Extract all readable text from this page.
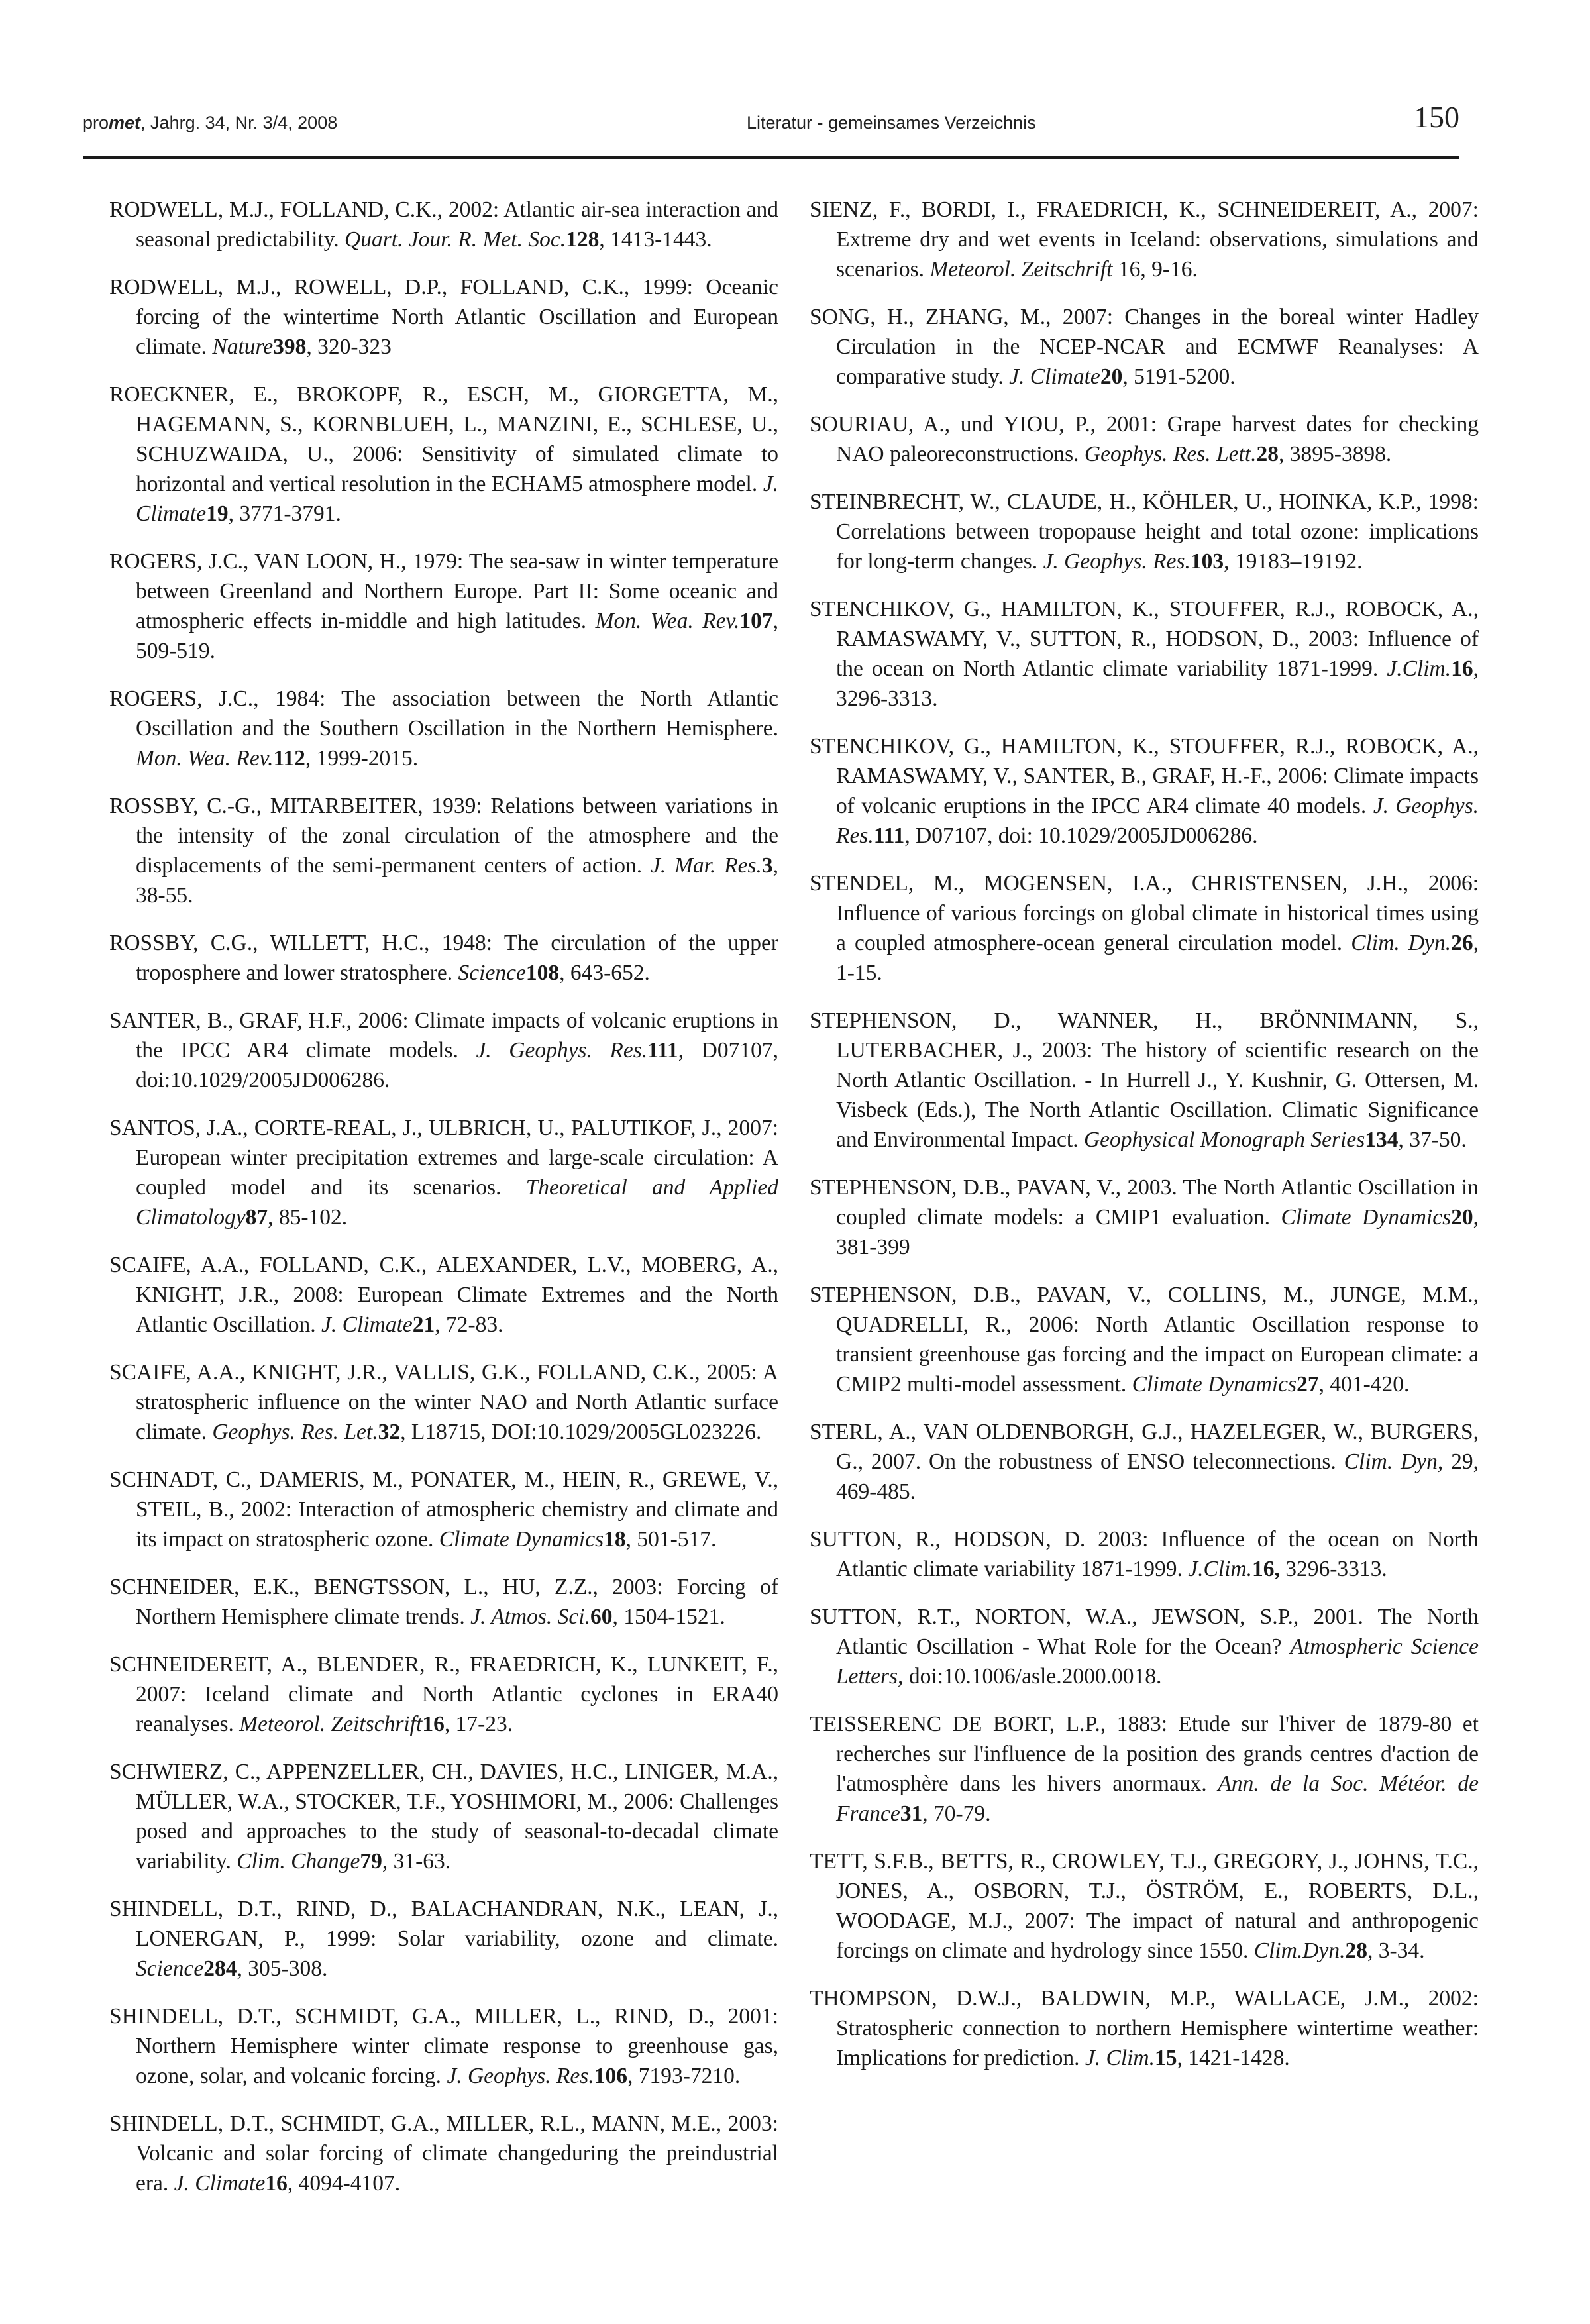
promet, Jahrg. 34, Nr. 3/4, 2008	Literatur - gemeinsames Verzeichnis	150

RODWELL, M.J., FOLLAND, C.K., 2002: Atlantic air-sea interaction and seasonal predictability. Quart. Jour. R. Met. Soc.128, 1413-1443.

RODWELL, M.J., ROWELL, D.P., FOLLAND, C.K., 1999: Oceanic forcing of the wintertime North Atlantic Oscillation and European climate. Nature398, 320-323

ROECKNER, E., BROKOPF, R., ESCH, M., GIORGETTA, M., HAGEMANN, S., KORNBLUEH, L., MANZINI, E., SCHLESE, U., SCHUZWAIDA, U., 2006: Sensitivity of simulated climate to horizontal and vertical resolution in the ECHAM5 atmosphere model. J. Climate19, 3771-3791.

ROGERS, J.C., VAN LOON, H., 1979: The sea-saw in winter temperature between Greenland and Northern Europe. Part II: Some oceanic and atmospheric effects in-middle and high latitudes. Mon. Wea. Rev.107, 509-519.

ROGERS, J.C., 1984: The association between the North Atlantic Oscillation and the Southern Oscillation in the Northern Hemisphere. Mon. Wea. Rev.112, 1999-2015.

ROSSBY, C.-G., MITARBEITER, 1939: Relations between variations in the intensity of the zonal circulation of the atmosphere and the displacements of the semi-permanent centers of action. J. Mar. Res.3, 38-55.

ROSSBY, C.G., WILLETT, H.C., 1948: The circulation of the upper troposphere and lower stratosphere. Science108, 643-652.

SANTER, B., GRAF, H.F., 2006: Climate impacts of volcanic eruptions in the IPCC AR4 climate models. J. Geophys. Res.111, D07107, doi:10.1029/2005JD006286.

SANTOS, J.A., CORTE-REAL, J., ULBRICH, U., PALUTIKOF, J., 2007: European winter precipitation extremes and large-scale circulation: A coupled model and its scenarios. Theoretical and Applied Climatology87, 85-102.

SCAIFE, A.A., FOLLAND, C.K., ALEXANDER, L.V., MOBERG, A., KNIGHT, J.R., 2008: European Climate Extremes and the North Atlantic Oscillation. J. Climate21, 72-83.

SCAIFE, A.A., KNIGHT, J.R., VALLIS, G.K., FOLLAND, C.K., 2005: A stratospheric influence on the winter NAO and North Atlantic surface climate. Geophys. Res. Let.32, L18715, DOI:10.1029/2005GL023226.

SCHNADT, C., DAMERIS, M., PONATER, M., HEIN, R., GREWE, V., STEIL, B., 2002: Interaction of atmospheric chemistry and climate and its impact on stratospheric ozone. Climate Dynamics18, 501-517.

SCHNEIDER, E.K., BENGTSSON, L., HU, Z.Z., 2003: Forcing of Northern Hemisphere climate trends. J. Atmos. Sci.60, 1504-1521.

SCHNEIDEREIT, A., BLENDER, R., FRAEDRICH, K., LUNKEIT, F., 2007: Iceland climate and North Atlantic cyclones in ERA40 reanalyses. Meteorol. Zeitschrift16, 17-23.

SCHWIERZ, C., APPENZELLER, CH., DAVIES, H.C., LINIGER, M.A., MÜLLER, W.A., STOCKER, T.F., YOSHIMORI, M., 2006: Challenges posed and approaches to the study of seasonal-to-decadal climate variability. Clim. Change79, 31-63.

SHINDELL, D.T., RIND, D., BALACHANDRAN, N.K., LEAN, J., LONERGAN, P., 1999: Solar variability, ozone and climate. Science284, 305-308.

SHINDELL, D.T., SCHMIDT, G.A., MILLER, L., RIND, D., 2001: Northern Hemisphere winter climate response to greenhouse gas, ozone, solar, and volcanic forcing. J. Geophys. Res.106, 7193-7210.

SHINDELL, D.T., SCHMIDT, G.A., MILLER, R.L., MANN, M.E., 2003: Volcanic and solar forcing of climate changeduring the preindustrial era. J. Climate16, 4094-4107.

SIENZ, F., BORDI, I., FRAEDRICH, K., SCHNEIDEREIT, A., 2007: Extreme dry and wet events in Iceland: observations, simulations and scenarios. Meteorol. Zeitschrift 16, 9-16.

SONG, H., ZHANG, M., 2007: Changes in the boreal winter Hadley Circulation in the NCEP-NCAR and ECMWF Reanalyses: A comparative study. J. Climate20, 5191-5200.

SOURIAU, A., und YIOU, P., 2001: Grape harvest dates for checking NAO paleoreconstructions. Geophys. Res. Lett.28, 3895-3898.

STEINBRECHT, W., CLAUDE, H., KÖHLER, U., HOINKA, K.P., 1998: Correlations between tropopause height and total ozone: implications for long-term changes. J. Geophys. Res.103, 19183–19192.

STENCHIKOV, G., HAMILTON, K., STOUFFER, R.J., ROBOCK, A., RAMASWAMY, V., SUTTON, R., HODSON, D., 2003: Influence of the ocean on North Atlantic climate variability 1871-1999. J.Clim.16, 3296-3313.

STENCHIKOV, G., HAMILTON, K., STOUFFER, R.J., ROBOCK, A., RAMASWAMY, V., SANTER, B., GRAF, H.-F., 2006: Climate impacts of volcanic eruptions in the IPCC AR4 climate 40 models. J. Geophys. Res.111, D07107, doi: 10.1029/2005JD006286.

STENDEL, M., MOGENSEN, I.A., CHRISTENSEN, J.H., 2006: Influence of various forcings on global climate in historical times using a coupled atmosphere-ocean general circulation model. Clim. Dyn.26, 1-15.

STEPHENSON, D., WANNER, H., BRÖNNIMANN, S., LUTERBACHER, J., 2003: The history of scientific research on the North Atlantic Oscillation. - In Hurrell J., Y. Kushnir, G. Ottersen, M. Visbeck (Eds.), The North Atlantic Oscillation. Climatic Significance and Environmental Impact. Geophysical Monograph Series134, 37-50.

STEPHENSON, D.B., PAVAN, V., 2003. The North Atlantic Oscillation in coupled climate models: a CMIP1 evaluation. Climate Dynamics20, 381-399

STEPHENSON, D.B., PAVAN, V., COLLINS, M., JUNGE, M.M., QUADRELLI, R., 2006: North Atlantic Oscillation response to transient greenhouse gas forcing and the impact on European climate: a CMIP2 multi-model assessment. Climate Dynamics27, 401-420.

STERL, A., VAN OLDENBORGH, G.J., HAZELEGER, W., BURGERS, G., 2007. On the robustness of ENSO teleconnections. Clim. Dyn, 29, 469-485.

SUTTON, R., HODSON, D. 2003: Influence of the ocean on North Atlantic climate variability 1871-1999. J.Clim.16, 3296-3313.

SUTTON, R.T., NORTON, W.A., JEWSON, S.P., 2001. The North Atlantic Oscillation - What Role for the Ocean? Atmospheric Science Letters, doi:10.1006/asle.2000.0018.

TEISSERENC DE BORT, L.P., 1883: Etude sur l'hiver de 1879-80 et recherches sur l'influence de la position des grands centres d'action de l'atmosphère dans les hivers anormaux. Ann. de la Soc. Météor. de France31, 70-79.

TETT, S.F.B., BETTS, R., CROWLEY, T.J., GREGORY, J., JOHNS, T.C., JONES, A., OSBORN, T.J., ÖSTRÖM, E., ROBERTS, D.L., WOODAGE, M.J., 2007: The impact of natural and anthropogenic forcings on climate and hydrology since 1550. Clim.Dyn.28, 3-34.

THOMPSON, D.W.J., BALDWIN, M.P., WALLACE, J.M., 2002: Stratospheric connection to northern Hemisphere wintertime weather: Implications for prediction. J. Clim.15, 1421-1428.
